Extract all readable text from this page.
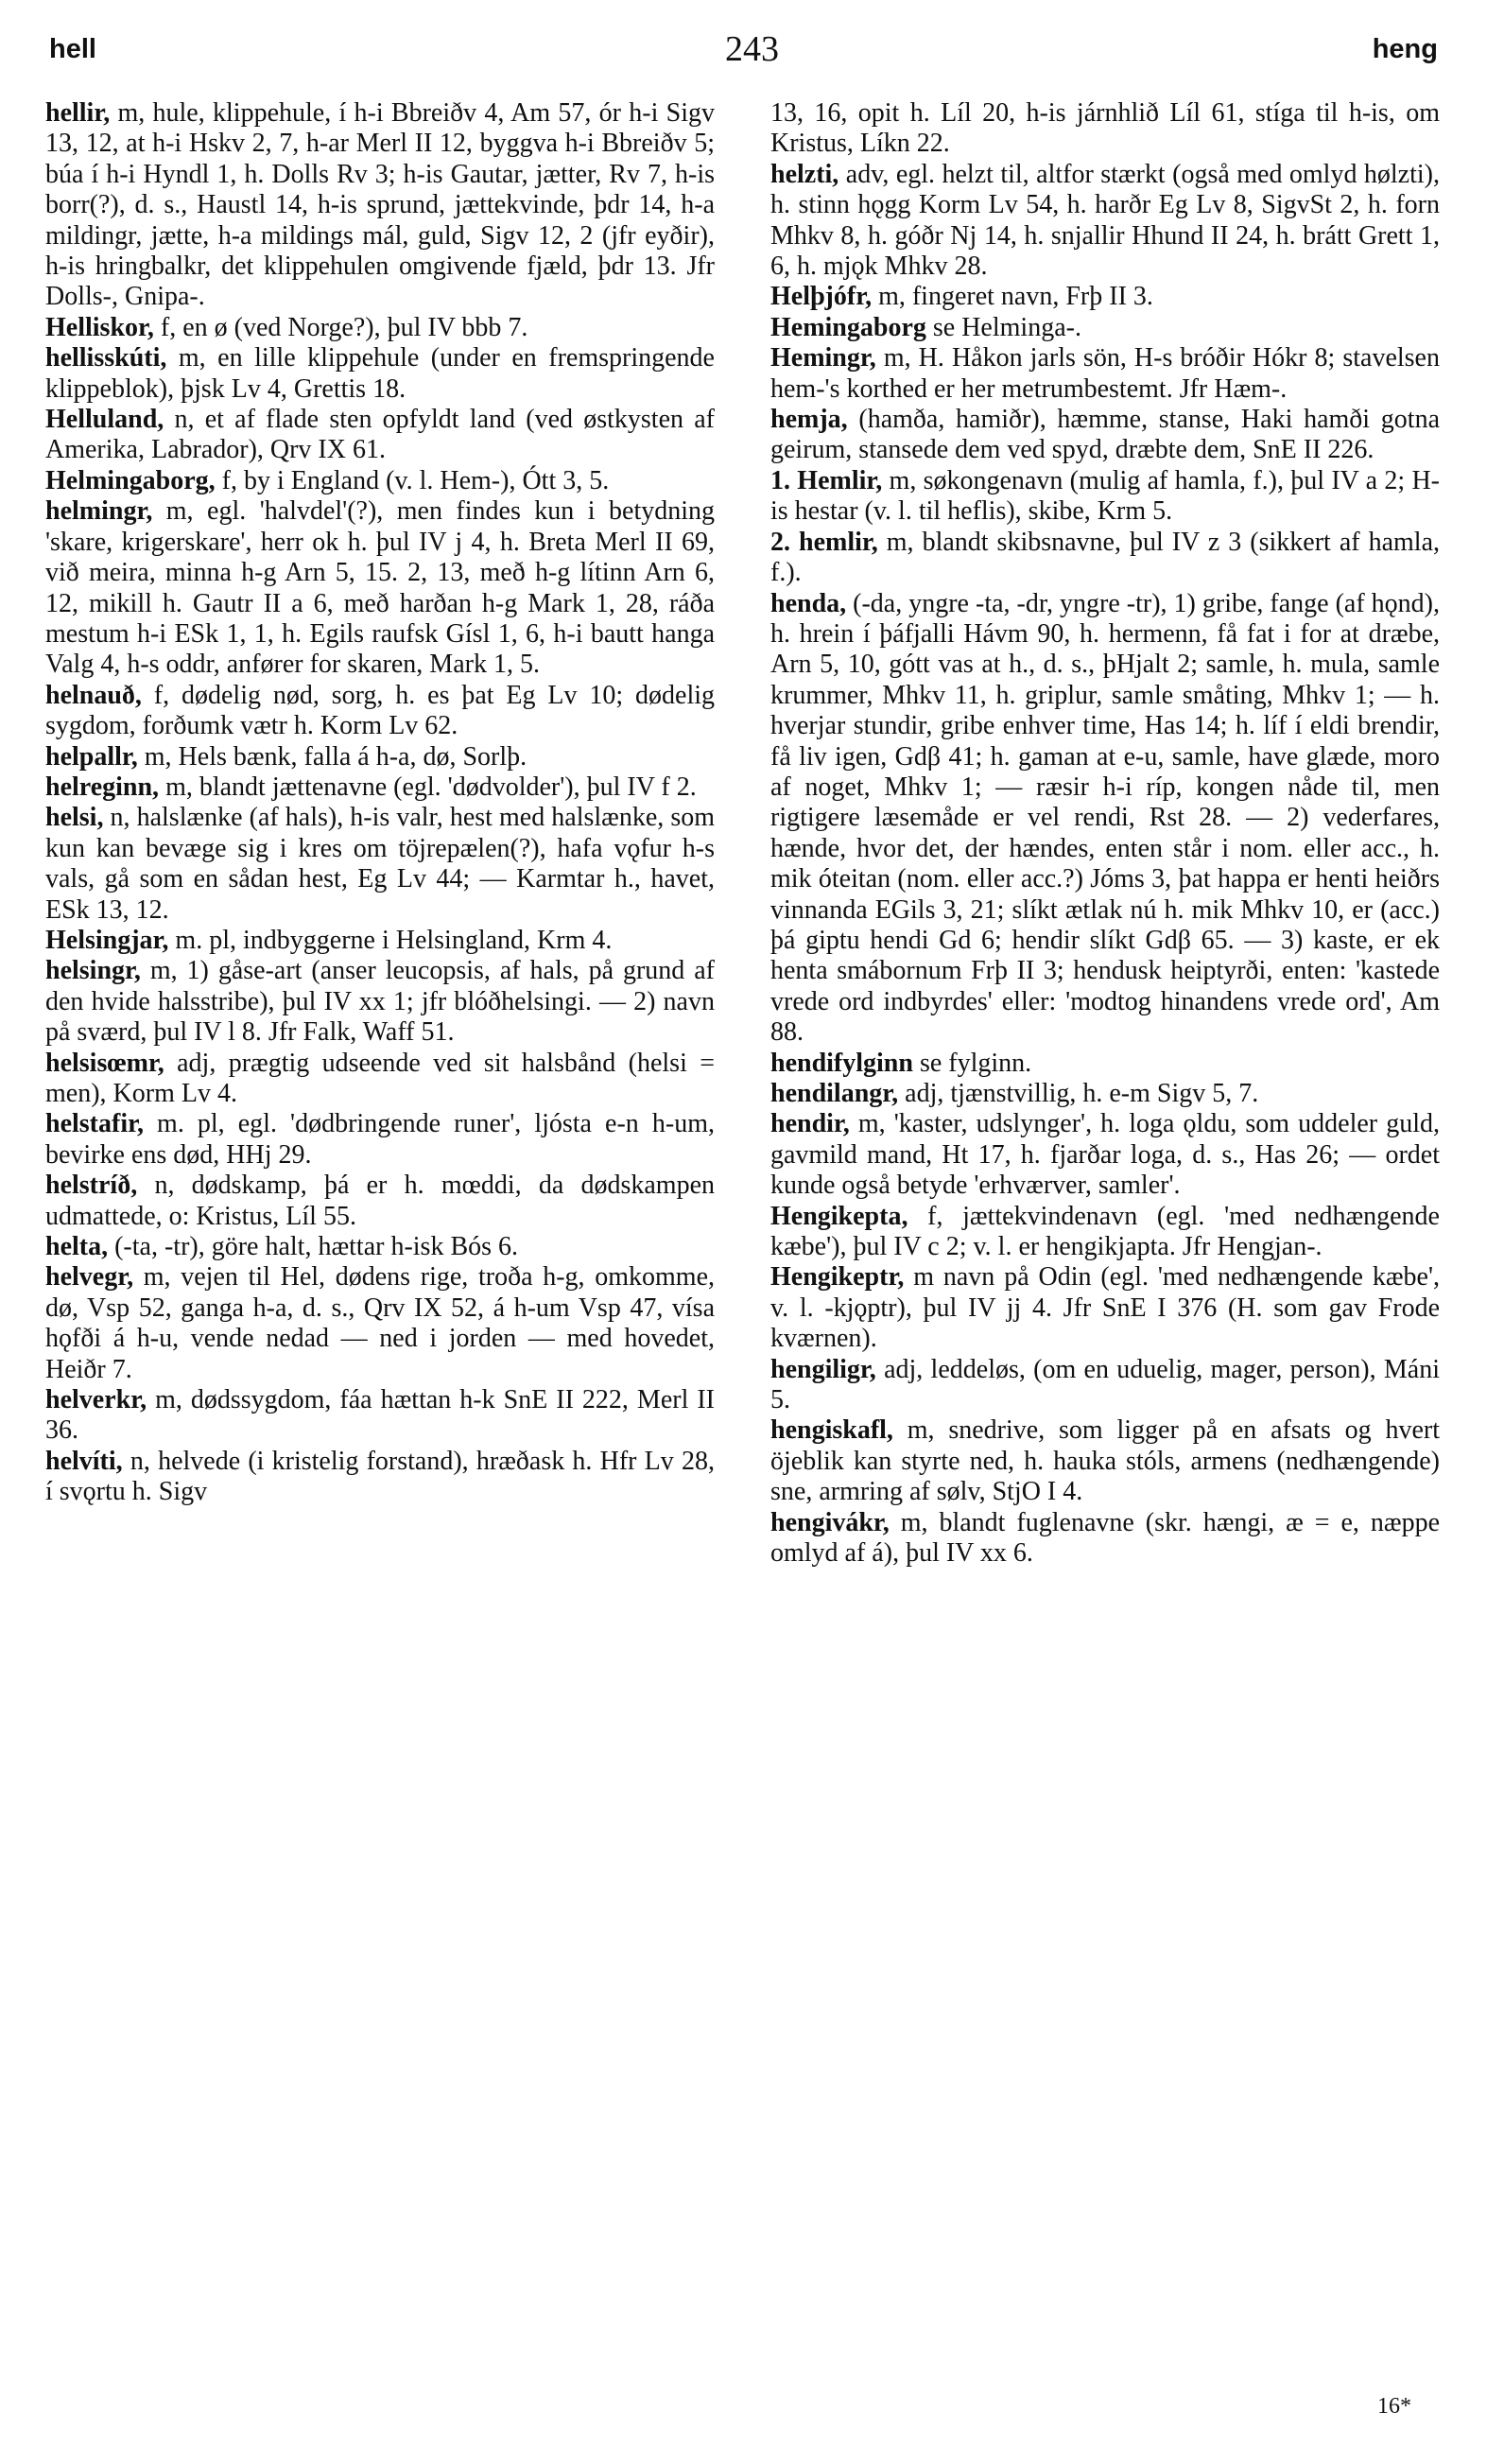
243
hell	heng

hellir, m, hule, klippehule, í h-i Bbreiðv 4, Am 57, ór h-i Sigv 13, 12, at h-i Hskv 2, 7, h-ar Merl II 12, byggva h-i Bbreiðv 5; búa í h-i Hyndl 1, h. Dolls Rv 3; h-is Gautar, jætter, Rv 7, h-is borr(?), d. s., Haustl 14, h-is sprund, jættekvinde, þdr 14, h-a mildingr, jætte, h-a mildings mál, guld, Sigv 12, 2 (jfr eyðir), h-is hringbalkr, det klippehulen omgivende fjæld, þdr 13. Jfr Dolls-, Gnipa-.

Helliskor, f, en ø (ved Norge?), þul IV bbb 7.

hellisskúti, m, en lille klippehule (under en fremspringende klippeblok), þjsk Lv 4, Grettis 18.

Helluland, n, et af flade sten opfyldt land (ved østkysten af Amerika, Labrador), Qrv IX 61.

Helmingaborg, f, by i England (v. l. Hem-), Ótt 3, 5.

helmingr, m, egl. 'halvdel'(?), men findes kun i betydning 'skare, krigerskare', herr ok h. þul IV j 4, h. Breta Merl II 69, við meira, minna h-g Arn 5, 15. 2, 13, með h-g lítinn Arn 6, 12, mikill h. Gautr II a 6, með harðan h-g Mark 1, 28, ráða mestum h-i ESk 1, 1, h. Egils raufsk Gísl 1, 6, h-i bautt hanga Valg 4, h-s oddr, anfører for skaren, Mark 1, 5.

helnauð, f, dødelig nød, sorg, h. es þat Eg Lv 10; dødelig sygdom, forðumk vætr h. Korm Lv 62.

helpallr, m, Hels bænk, falla á h-a, dø, Sorlþ.

helreginn, m, blandt jættenavne (egl. 'dødvolder'), þul IV f 2.

helsi, n, halslænke (af hals), h-is valr, hest med halslænke, som kun kan bevæge sig i kres om töjrepælen(?), hafa vǫfur h-s vals, gå som en sådan hest, Eg Lv 44; — Karmtar h., havet, ESk 13, 12.

Helsingjar, m. pl, indbyggerne i Helsingland, Krm 4.

helsingr, m, 1) gåse-art (anser leucopsis, af hals, på grund af den hvide halsstribe), þul IV xx 1; jfr blóðhelsingi. — 2) navn på sværd, þul IV l 8. Jfr Falk, Waff 51.

helsisœmr, adj, prægtig udseende ved sit halsbånd (helsi = men), Korm Lv 4.

helstafir, m. pl, egl. 'dødbringende runer', ljósta e-n h-um, bevirke ens død, HHj 29.

helstríð, n, dødskamp, þá er h. mœddi, da dødskampen udmattede, o: Kristus, Líl 55.

helta, (-ta, -tr), göre halt, hættar h-isk Bós 6.

helvegr, m, vejen til Hel, dødens rige, troða h-g, omkomme, dø, Vsp 52, ganga h-a, d. s., Qrv IX 52, á h-um Vsp 47, vísa hǫfði á h-u, vende nedad — ned i jorden — med hovedet, Heiðr 7.

helverkr, m, dødssygdom, fáa hættan h-k SnE II 222, Merl II 36.

helvíti, n, helvede (i kristelig forstand), hræðask h. Hfr Lv 28, í svǫrtu h. Sigv

13, 16, opit h. Líl 20, h-is járnhlið Líl 61, stíga til h-is, om Kristus, Líkn 22.

helzti, adv, egl. helzt til, altfor stærkt (også med omlyd hølzti), h. stinn hǫgg Korm Lv 54, h. harðr Eg Lv 8, SigvSt 2, h. forn Mhkv 8, h. góðr Nj 14, h. snjallir Hhund II 24, h. brátt Grett 1, 6, h. mjǫk Mhkv 28.

Helþjófr, m, fingeret navn, Frþ II 3.

Hemingaborg se Helminga-.

Hemingr, m, H. Håkon jarls sön, H-s bróðir Hókr 8; stavelsen hem-'s korthed er her metrumbestemt. Jfr Hæm-.

hemja, (hamða, hamiðr), hæmme, stanse, Haki hamði gotna geirum, stansede dem ved spyd, dræbte dem, SnE II 226.

1. Hemlir, m, søkongenavn (mulig af hamla, f.), þul IV a 2; H-is hestar (v. l. til heflis), skibe, Krm 5.

2. hemlir, m, blandt skibsnavne, þul IV z 3 (sikkert af hamla, f.).

henda, (-da, yngre -ta, -dr, yngre -tr), 1) gribe, fange (af hǫnd), h. hrein í þáfjalli Hávm 90, h. hermenn, få fat i for at dræbe, Arn 5, 10, gótt vas at h., d. s., þHjalt 2; samle, h. mula, samle krummer, Mhkv 11, h. griplur, samle småting, Mhkv 1; — h. hverjar stundir, gribe enhver time, Has 14; h. líf í eldi brendir, få liv igen, Gdβ 41; h. gaman at e-u, samle, have glæde, moro af noget, Mhkv 1; — ræsir h-i ríp, kongen nåde til, men rigtigere læsemåde er vel rendi, Rst 28. — 2) vederfares, hænde, hvor det, der hændes, enten står i nom. eller acc., h. mik óteitan (nom. eller acc.?) Jóms 3, þat happa er henti heiðrs vinnanda EGils 3, 21; slíkt ætlak nú h. mik Mhkv 10, er (acc.) þá giptu hendi Gd 6; hendir slíkt Gdβ 65. — 3) kaste, er ek henta smábornum Frþ II 3; hendusk heiptyrði, enten: 'kastede vrede ord indbyrdes' eller: 'modtog hinandens vrede ord', Am 88.

hendifylginn se fylginn.

hendilangr, adj, tjænstvillig, h. e-m Sigv 5, 7.

hendir, m, 'kaster, udslynger', h. loga ǫldu, som uddeler guld, gavmild mand, Ht 17, h. fjarðar loga, d. s., Has 26; — ordet kunde også betyde 'erhværver, samler'.

Hengikepta, f, jættekvindenavn (egl. 'med nedhængende kæbe'), þul IV c 2; v. l. er hengikjapta. Jfr Hengjan-.

Hengikeptr, m navn på Odin (egl. 'med nedhængende kæbe', v. l. -kjǫptr), þul IV jj 4. Jfr SnE I 376 (H. som gav Frode kværnen).

hengiligr, adj, leddeløs, (om en uduelig, mager, person), Máni 5.

hengiskafl, m, snedrive, som ligger på en afsats og hvert öjeblik kan styrte ned, h. hauka stóls, armens (nedhængende) sne, armring af sølv, StjO I 4.

hengivákr, m, blandt fuglenavne (skr. hængi, æ = e, næppe omlyd af á), þul IV xx 6.

16*
